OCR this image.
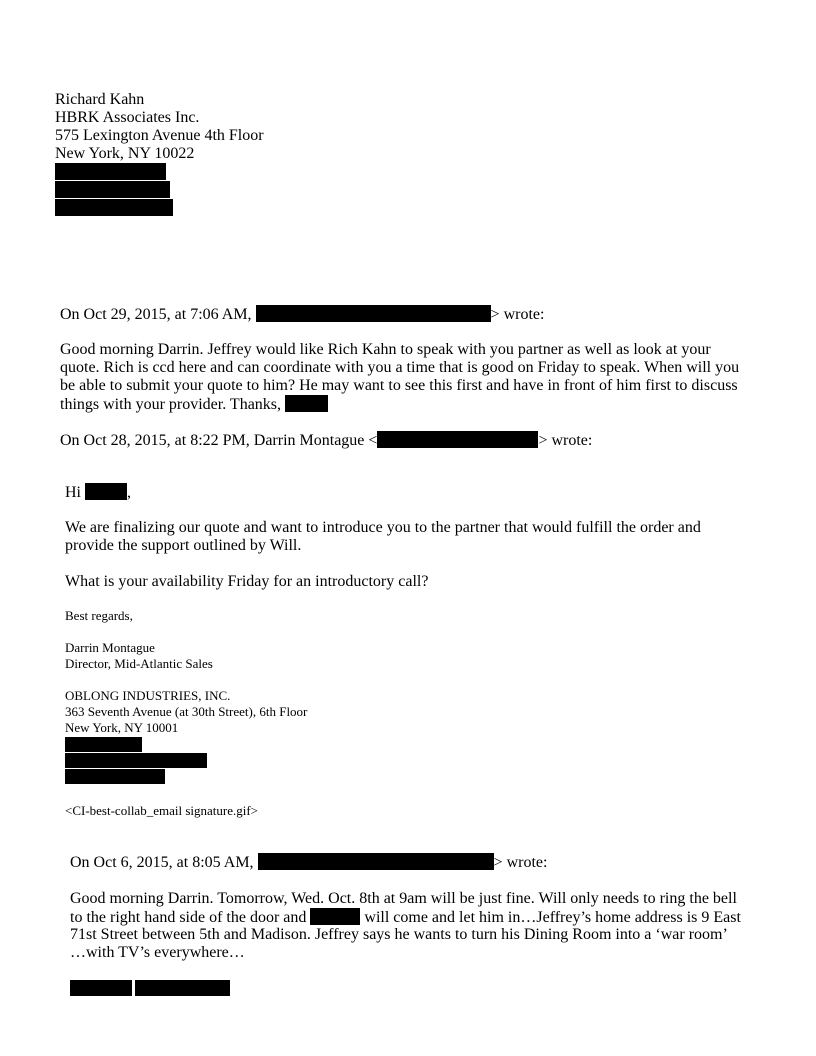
Richard Kahn
HBRK Associates Inc.
575 Lexington Avenue 4th Floor
New York, NY 10022
On Oct 29, 2015, at 7:06 AM,	> wrote:
Good morning Darrin. Jeffrey would like Rich Kahn to speak with you partner as well as look at your
quote. Rich is ccd here and can coordinate with you a time that is good on Friday to speak. When will you
be able to submit your quote to him? He may want to see this first and have in front of him first to discuss
things with your provider. Thanks,
On Oct 28, 2015, at 8:22 PM, Darrin Montague <	> wrote:
Hi	,
We are finalizing our quote and want to introduce you to the partner that would fulfill the order and
provide the support outlined by Will.
What is your availability Friday for an introductory call?
Best regards,
Darrin Montague
Director, Mid-Atlantic Sales
OBLONG INDUSTRIES, INC.
363 Seventh Avenue (at 30th Street), 6th Floor
New York, NY 10001
<CI-best-collab_email signature.gif>
On Oct 6, 2015, at 8:05 AM,	> wrote:
Good morning Darrin. Tomorrow, Wed. Oct. 8th at 9am will be just fine. Will only needs to ring the bell
to the right hand side of the door and	will come and let him in…Jeffrey’s home address is 9 East
71st Street between 5th and Madison. Jeffrey says he wants to turn his Dining Room into a ‘war room’
…with TV’s everywhere…
